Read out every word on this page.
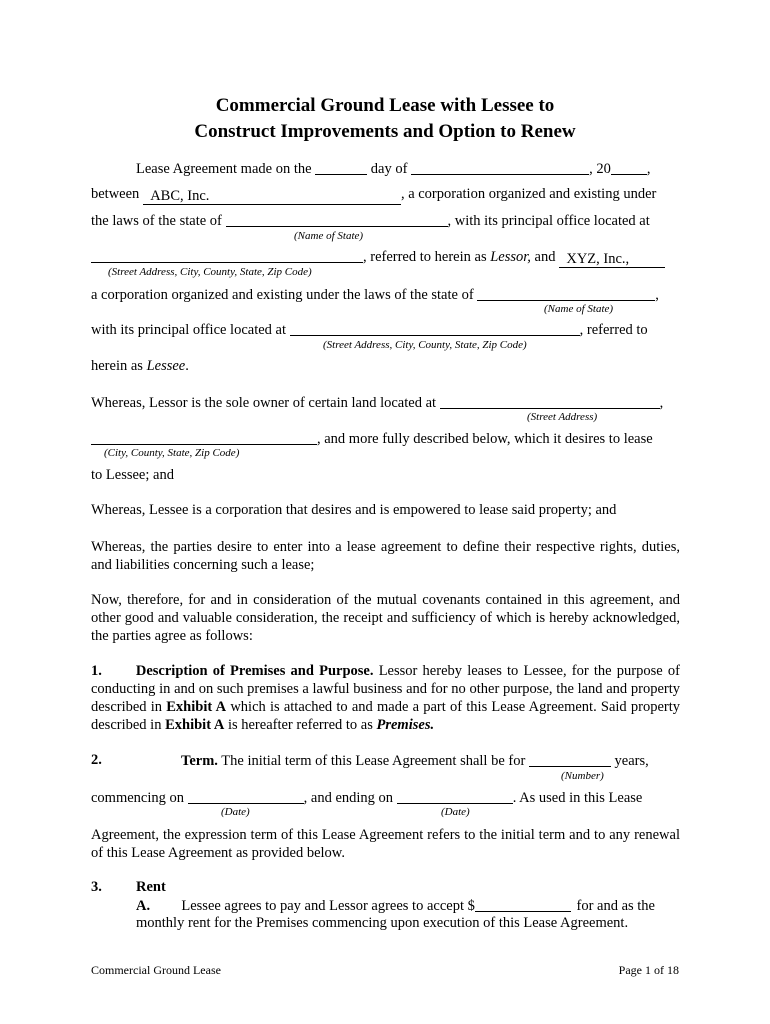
Commercial Ground Lease with Lessee to
Construct Improvements and Option to Renew
Lease Agreement made on the	day of	, 20 ,
between ABC, Inc.	, a corporation organized and existing under
the laws of the state of	, with its principal office located at
(Name of State)
, referred to herein as Lessor, and XYZ, Inc.,
(Street Address, City, County, State, Zip Code)
a corporation organized and existing under the laws of the state of	,
(Name of State)
with its principal office located at	, referred to
(Street Address, City, County, State, Zip Code)
herein as Lessee.
Whereas, Lessor is the sole owner of certain land located at	,
(Street Address)
, and more fully described below, which it desires to lease
(City, County, State, Zip Code)
to Lessee; and
Whereas, Lessee is a corporation that desires and is empowered to lease said property; and
Whereas, the parties desire to enter into a lease agreement to define their respective rights, duties, and liabilities concerning such a lease;
Now, therefore, for and in consideration of the mutual covenants contained in this agreement, and other good and valuable consideration, the receipt and sufficiency of which is hereby acknowledged, the parties agree as follows:
1. Description of Premises and Purpose. Lessor hereby leases to Lessee, for the purpose of conducting in and on such premises a lawful business and for no other purpose, the land and property described in Exhibit A which is attached to and made a part of this Lease Agreement. Said property described in Exhibit A is hereafter referred to as Premises.
2.	Term. The initial term of this Lease Agreement shall be for	years,
(Number)
commencing on	, and ending on	. As used in this Lease
(Date)	(Date)
Agreement, the expression term of this Lease Agreement refers to the initial term and to any renewal of this Lease Agreement as provided below.
3. Rent
A. Lessee agrees to pay and Lessor agrees to accept $	for and as the
monthly rent for the Premises commencing upon execution of this Lease Agreement.
Commercial Ground Lease	Page 1 of 18
